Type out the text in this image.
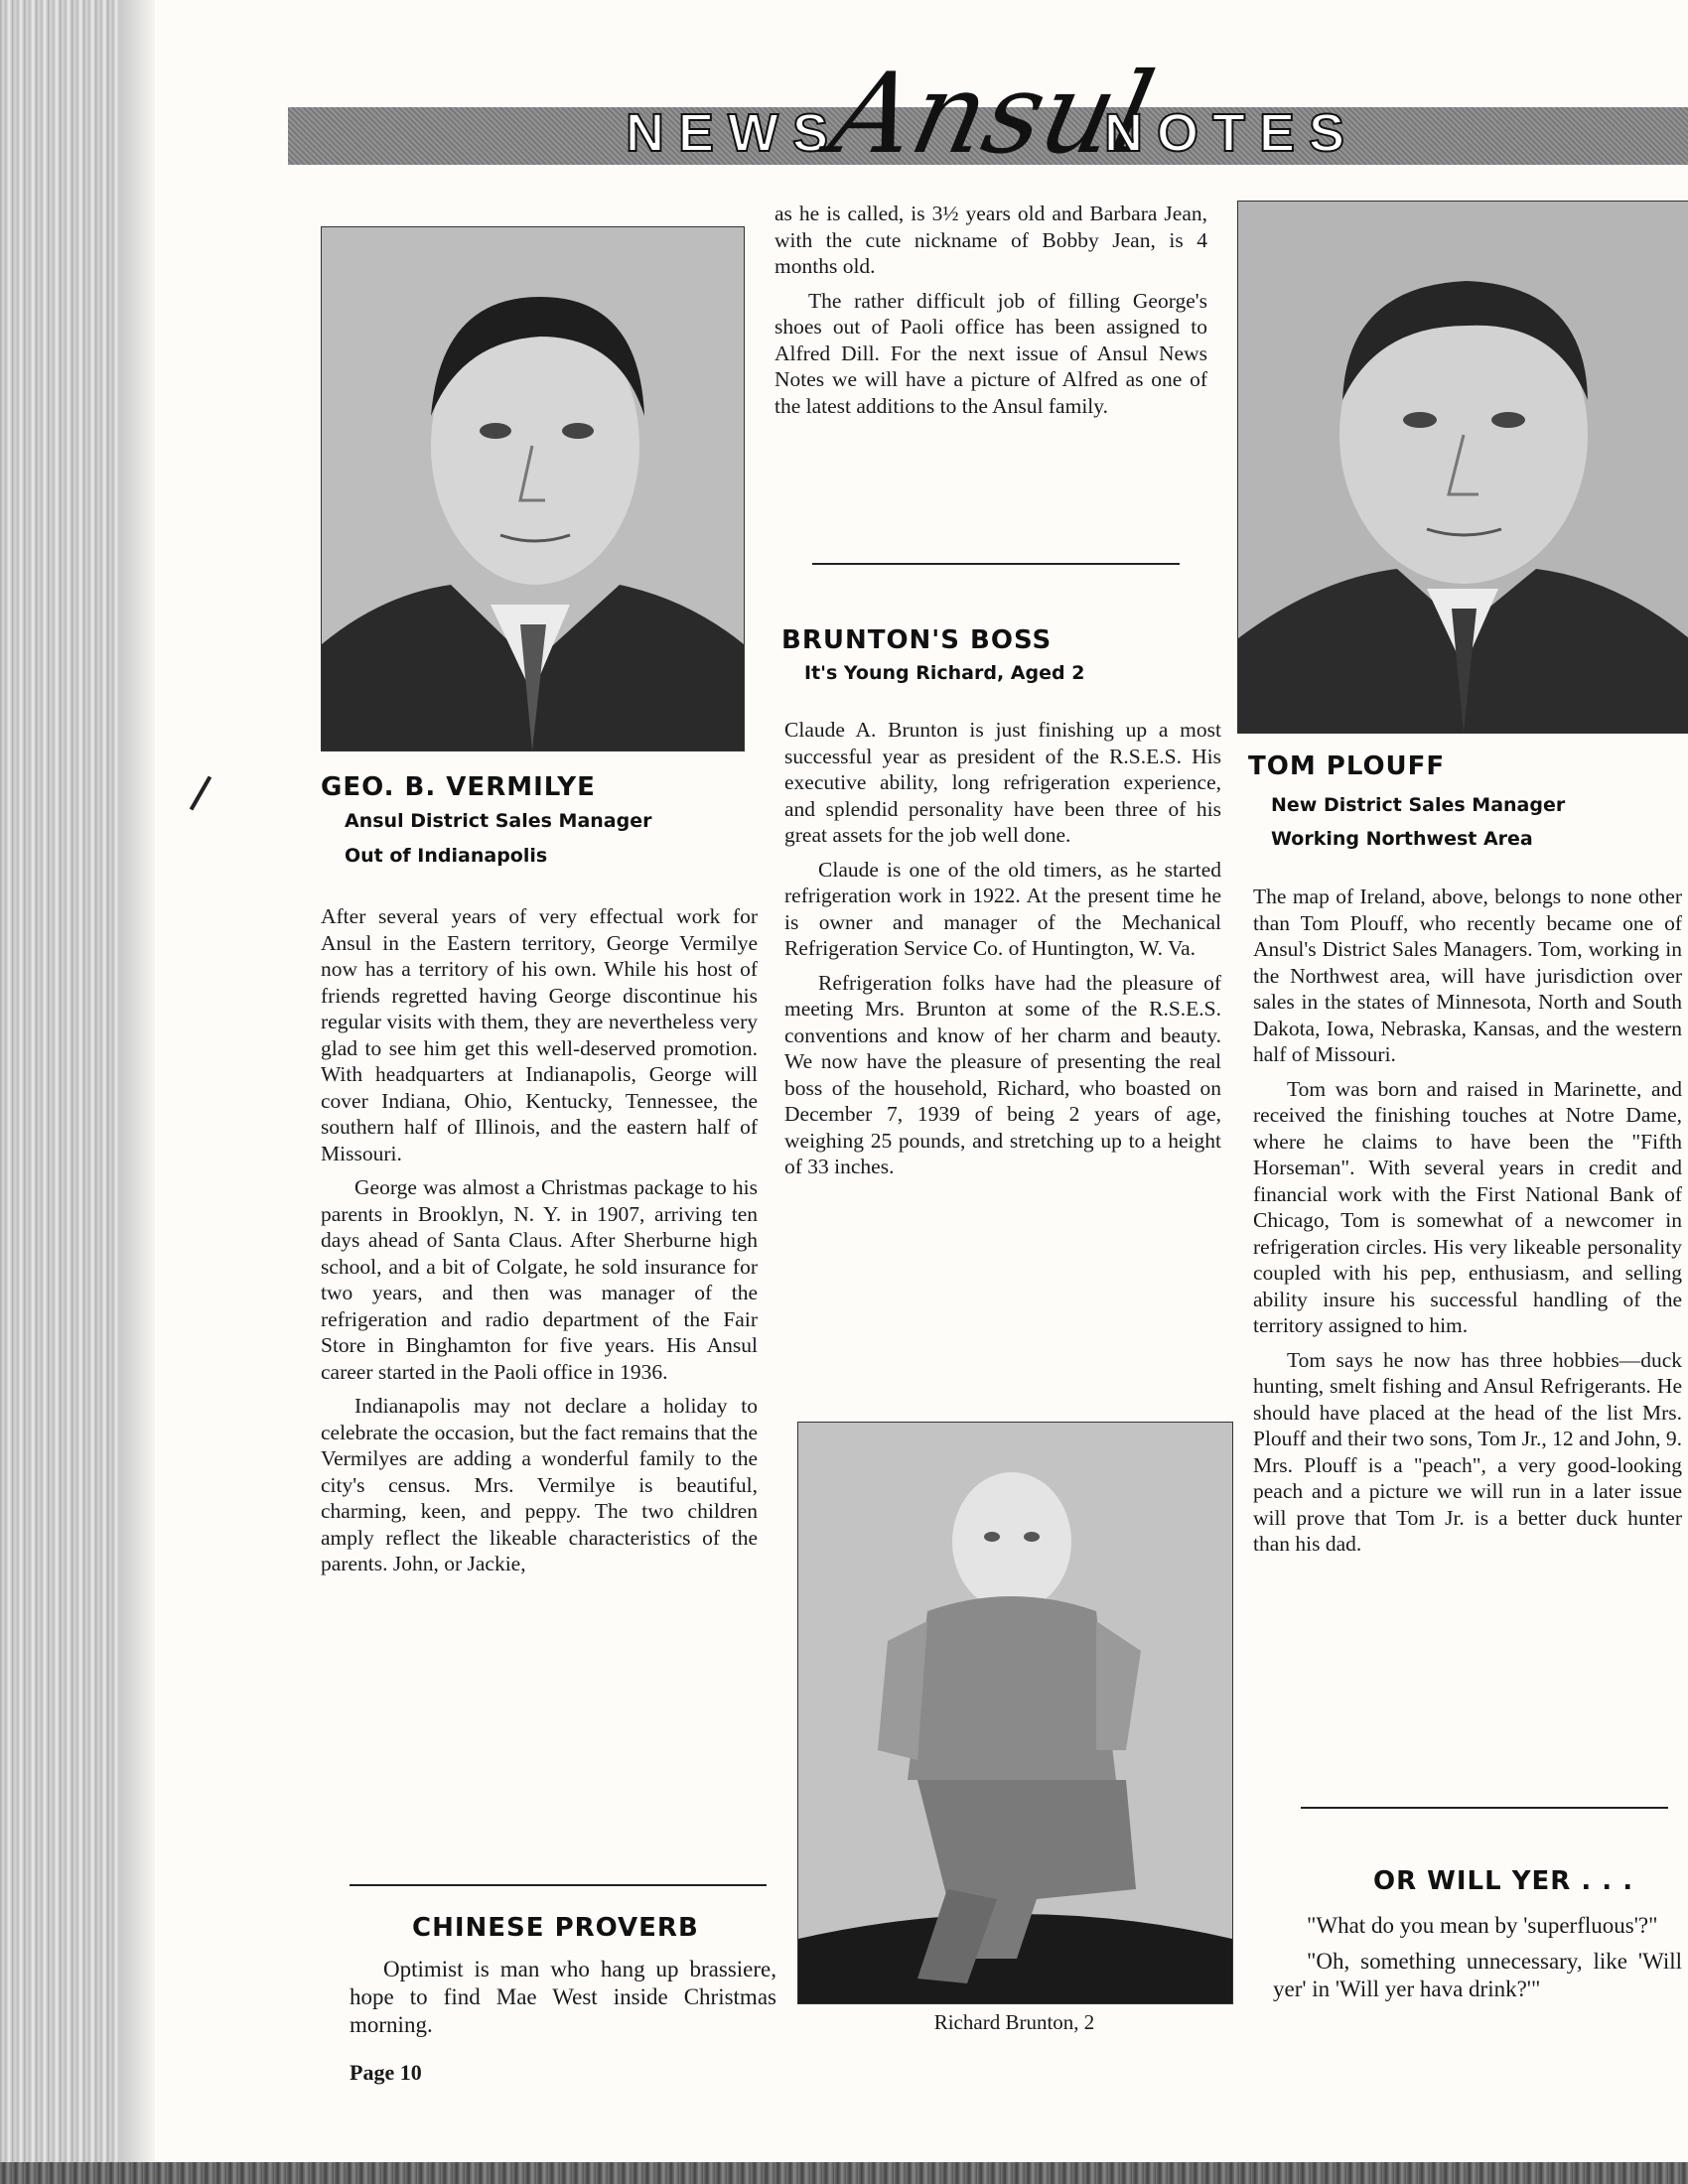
NEWS
Ansul
NOTES
GEO. B. VERMILYE
Ansul District Sales Manager
Out of Indianapolis

After several years of very effectual work for Ansul in the Eastern territory, George Vermilye now has a territory of his own. While his host of friends regretted having George discontinue his regular visits with them, they are nevertheless very glad to see him get this well-deserved promotion. With headquarters at Indianapolis, George will cover Indiana, Ohio, Kentucky, Tennessee, the southern half of Illinois, and the eastern half of Missouri.

George was almost a Christmas package to his parents in Brooklyn, N. Y. in 1907, arriving ten days ahead of Santa Claus. After Sherburne high school, and a bit of Colgate, he sold insurance for two years, and then was manager of the refrigeration and radio department of the Fair Store in Binghamton for five years. His Ansul career started in the Paoli office in 1936.

Indianapolis may not declare a holiday to celebrate the occasion, but the fact remains that the Vermilyes are adding a wonderful family to the city's census. Mrs. Vermilye is beautiful, charming, keen, and peppy. The two children amply reflect the likeable characteristics of the parents. John, or Jackie,

CHINESE PROVERB

Optimist is man who hang up brassiere, hope to find Mae West inside Christmas morning.

Page 10

as he is called, is 3½ years old and Barbara Jean, with the cute nickname of Bobby Jean, is 4 months old.

The rather difficult job of filling George's shoes out of Paoli office has been assigned to Alfred Dill. For the next issue of Ansul News Notes we will have a picture of Alfred as one of the latest additions to the Ansul family.

BRUNTON'S BOSS
It's Young Richard, Aged 2

Claude A. Brunton is just finishing up a most successful year as president of the R.S.E.S. His executive ability, long refrigeration experience, and splendid personality have been three of his great assets for the job well done.

Claude is one of the old timers, as he started refrigeration work in 1922. At the present time he is owner and manager of the Mechanical Refrigeration Service Co. of Huntington, W. Va.

Refrigeration folks have had the pleasure of meeting Mrs. Brunton at some of the R.S.E.S. conventions and know of her charm and beauty. We now have the pleasure of presenting the real boss of the household, Richard, who boasted on December 7, 1939 of being 2 years of age, weighing 25 pounds, and stretching up to a height of 33 inches.

Richard Brunton, 2
TOM PLOUFF
New District Sales Manager
Working Northwest Area

The map of Ireland, above, belongs to none other than Tom Plouff, who recently became one of Ansul's District Sales Managers. Tom, working in the Northwest area, will have jurisdiction over sales in the states of Minnesota, North and South Dakota, Iowa, Nebraska, Kansas, and the western half of Missouri.

Tom was born and raised in Marinette, and received the finishing touches at Notre Dame, where he claims to have been the "Fifth Horseman". With several years in credit and financial work with the First National Bank of Chicago, Tom is somewhat of a newcomer in refrigeration circles. His very likeable personality coupled with his pep, enthusiasm, and selling ability insure his successful handling of the territory assigned to him.

Tom says he now has three hobbies—duck hunting, smelt fishing and Ansul Refrigerants. He should have placed at the head of the list Mrs. Plouff and their two sons, Tom Jr., 12 and John, 9. Mrs. Plouff is a "peach", a very good-looking peach and a picture we will run in a later issue will prove that Tom Jr. is a better duck hunter than his dad.

OR WILL YER . . .

"What do you mean by 'superfluous'?"

"Oh, something unnecessary, like 'Will yer' in 'Will yer hava drink?'"
